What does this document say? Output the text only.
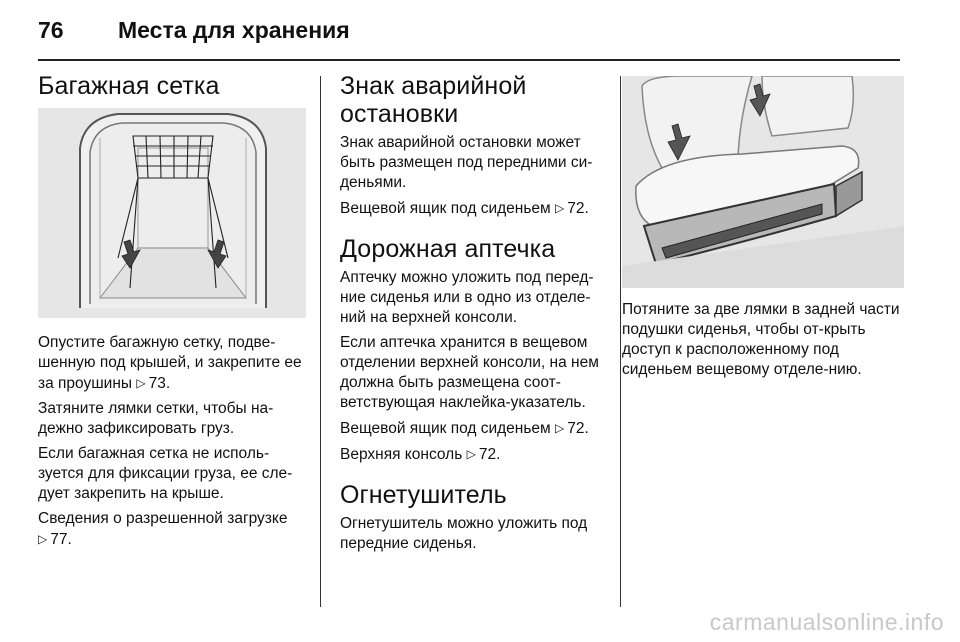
76 Места для хранения
Багажная сетка

Опустите багажную сетку, подве-шенную под крышей, и закрепите ее за проушины ▷ 73.

Затяните лямки сетки, чтобы на-дежно зафиксировать груз.

Если багажная сетка не исполь-зуется для фиксации груза, ее сле-дует закрепить на крыше.

Сведения о разрешенной загрузке
▷ 77.

Знак аварийной остановки

Знак аварийной остановки может быть размещен под передними си-деньями.

Вещевой ящик под сиденьем ▷ 72.

Дорожная аптечка

Аптечку можно уложить под перед-ние сиденья или в одно из отделе-ний на верхней консоли.

Если аптечка хранится в вещевом отделении верхней консоли, на нем должна быть размещена соот-ветствующая наклейка-указатель.

Вещевой ящик под сиденьем ▷ 72.

Верхняя консоль ▷ 72.

Огнетушитель

Огнетушитель можно уложить под передние сиденья.

Потяните за две лямки в задней части подушки сиденья, чтобы от-крыть доступ к расположенному под сиденьем вещевому отделе-нию.

carmanualsonline.info
